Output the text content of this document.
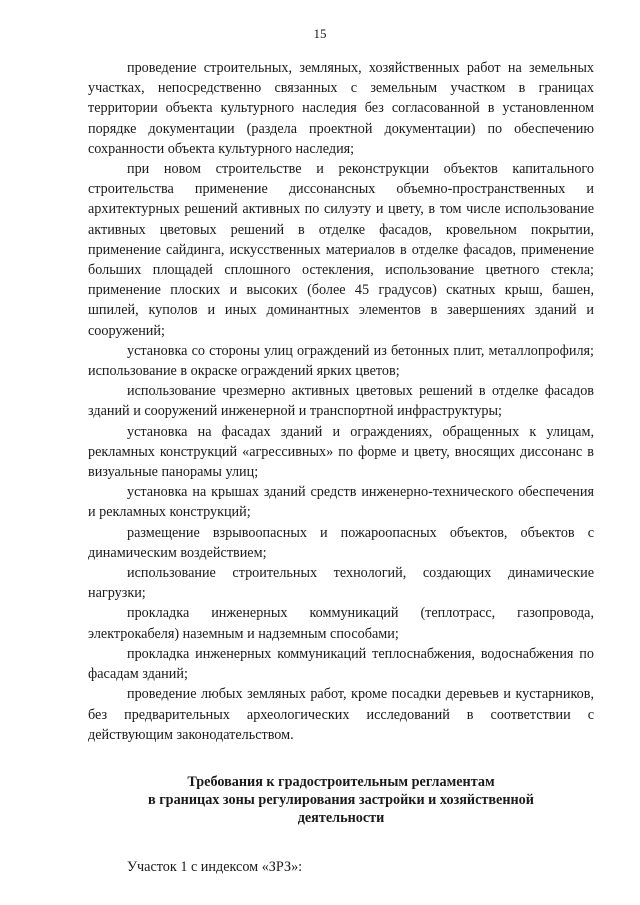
15

проведение строительных, земляных, хозяйственных работ на земельных участках, непосредственно связанных с земельным участком в границах территории объекта культурного наследия без согласованной в установленном порядке документации (раздела проектной документации) по обеспечению сохранности объекта культурного наследия;

при новом строительстве и реконструкции объектов капитального строительства применение диссонансных объемно-пространственных и архитектурных решений активных по силуэту и цвету, в том числе использование активных цветовых решений в отделке фасадов, кровельном покрытии, применение сайдинга, искусственных материалов в отделке фасадов, применение больших площадей сплошного остекления, использование цветного стекла; применение плоских и высоких (более 45 градусов) скатных крыш, башен, шпилей, куполов и иных доминантных элементов в завершениях зданий и сооружений;

установка со стороны улиц ограждений из бетонных плит, металлопрофиля; использование в окраске ограждений ярких цветов;

использование чрезмерно активных цветовых решений в отделке фасадов зданий и сооружений инженерной и транспортной инфраструктуры;

установка на фасадах зданий и ограждениях, обращенных к улицам, рекламных конструкций «агрессивных» по форме и цвету, вносящих диссонанс в визуальные панорамы улиц;

установка на крышах зданий средств инженерно-технического обеспечения и рекламных конструкций;

размещение взрывоопасных и пожароопасных объектов, объектов с динамическим воздействием;

использование строительных технологий, создающих динамические нагрузки;

прокладка инженерных коммуникаций (теплотрасс, газопровода, электрокабеля) наземным и надземным способами;

прокладка инженерных коммуникаций теплоснабжения, водоснабжения по фасадам зданий;

проведение любых земляных работ, кроме посадки деревьев и кустарников, без предварительных археологических исследований в соответствии с действующим законодательством.

Требования к градостроительным регламентам
в границах зоны регулирования застройки и хозяйственной
деятельности

Участок 1 с индексом «ЗРЗ»:
